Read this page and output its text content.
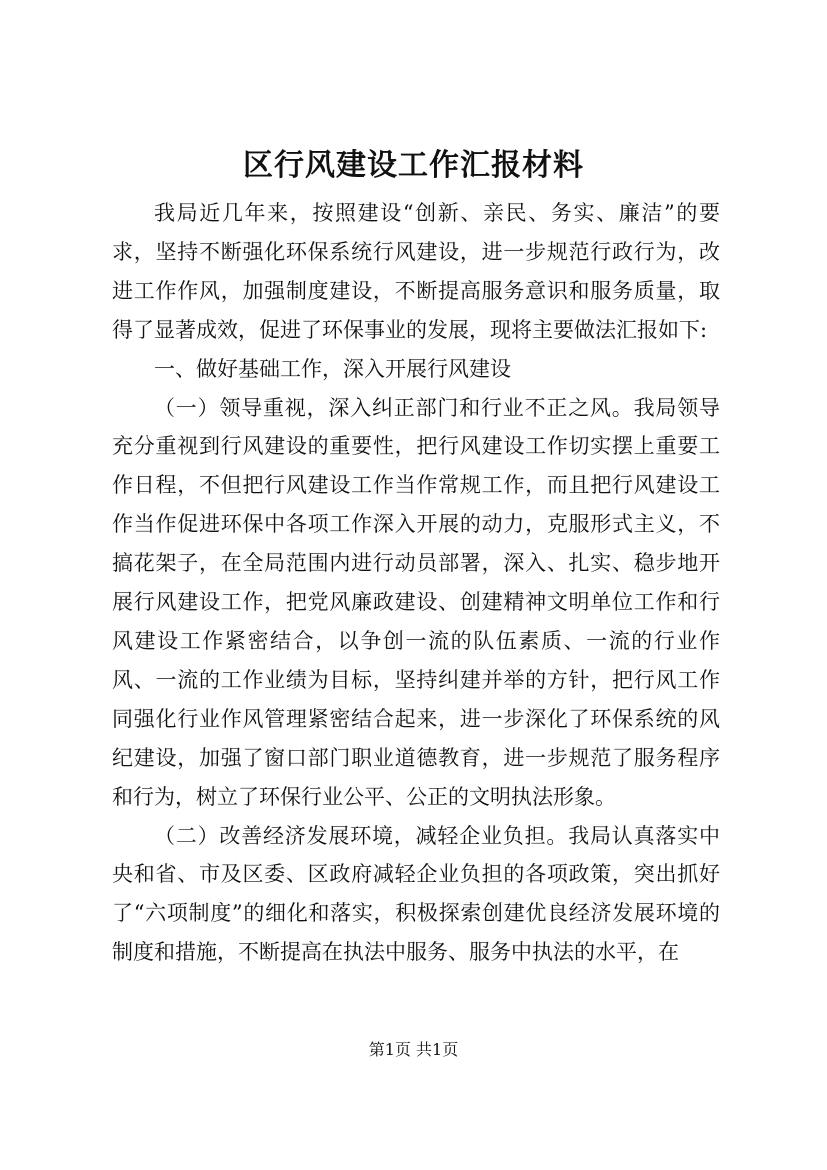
区行风建设工作汇报材料

我局近几年来，按照建设“创新、亲民、务实、廉洁”的要求，坚持不断强化环保系统行风建设，进一步规范行政行为，改进工作作风，加强制度建设，不断提高服务意识和服务质量，取得了显著成效，促进了环保事业的发展，现将主要做法汇报如下:

一、做好基础工作，深入开展行风建设

（一）领导重视，深入纠正部门和行业不正之风。我局领导充分重视到行风建设的重要性，把行风建设工作切实摆上重要工作日程，不但把行风建设工作当作常规工作，而且把行风建设工作当作促进环保中各项工作深入开展的动力，克服形式主义，不搞花架子，在全局范围内进行动员部署，深入、扎实、稳步地开展行风建设工作，把党风廉政建设、创建精神文明单位工作和行风建设工作紧密结合，以争创一流的队伍素质、一流的行业作风、一流的工作业绩为目标，坚持纠建并举的方针，把行风工作同强化行业作风管理紧密结合起来，进一步深化了环保系统的风纪建设，加强了窗口部门职业道德教育，进一步规范了服务程序和行为，树立了环保行业公平、公正的文明执法形象。

（二）改善经济发展环境，减轻企业负担。我局认真落实中央和省、市及区委、区政府减轻企业负担的各项政策，突出抓好了“六项制度”的细化和落实，积极探索创建优良经济发展环境的制度和措施，不断提高在执法中服务、服务中执法的水平，在

第1页 共1页
